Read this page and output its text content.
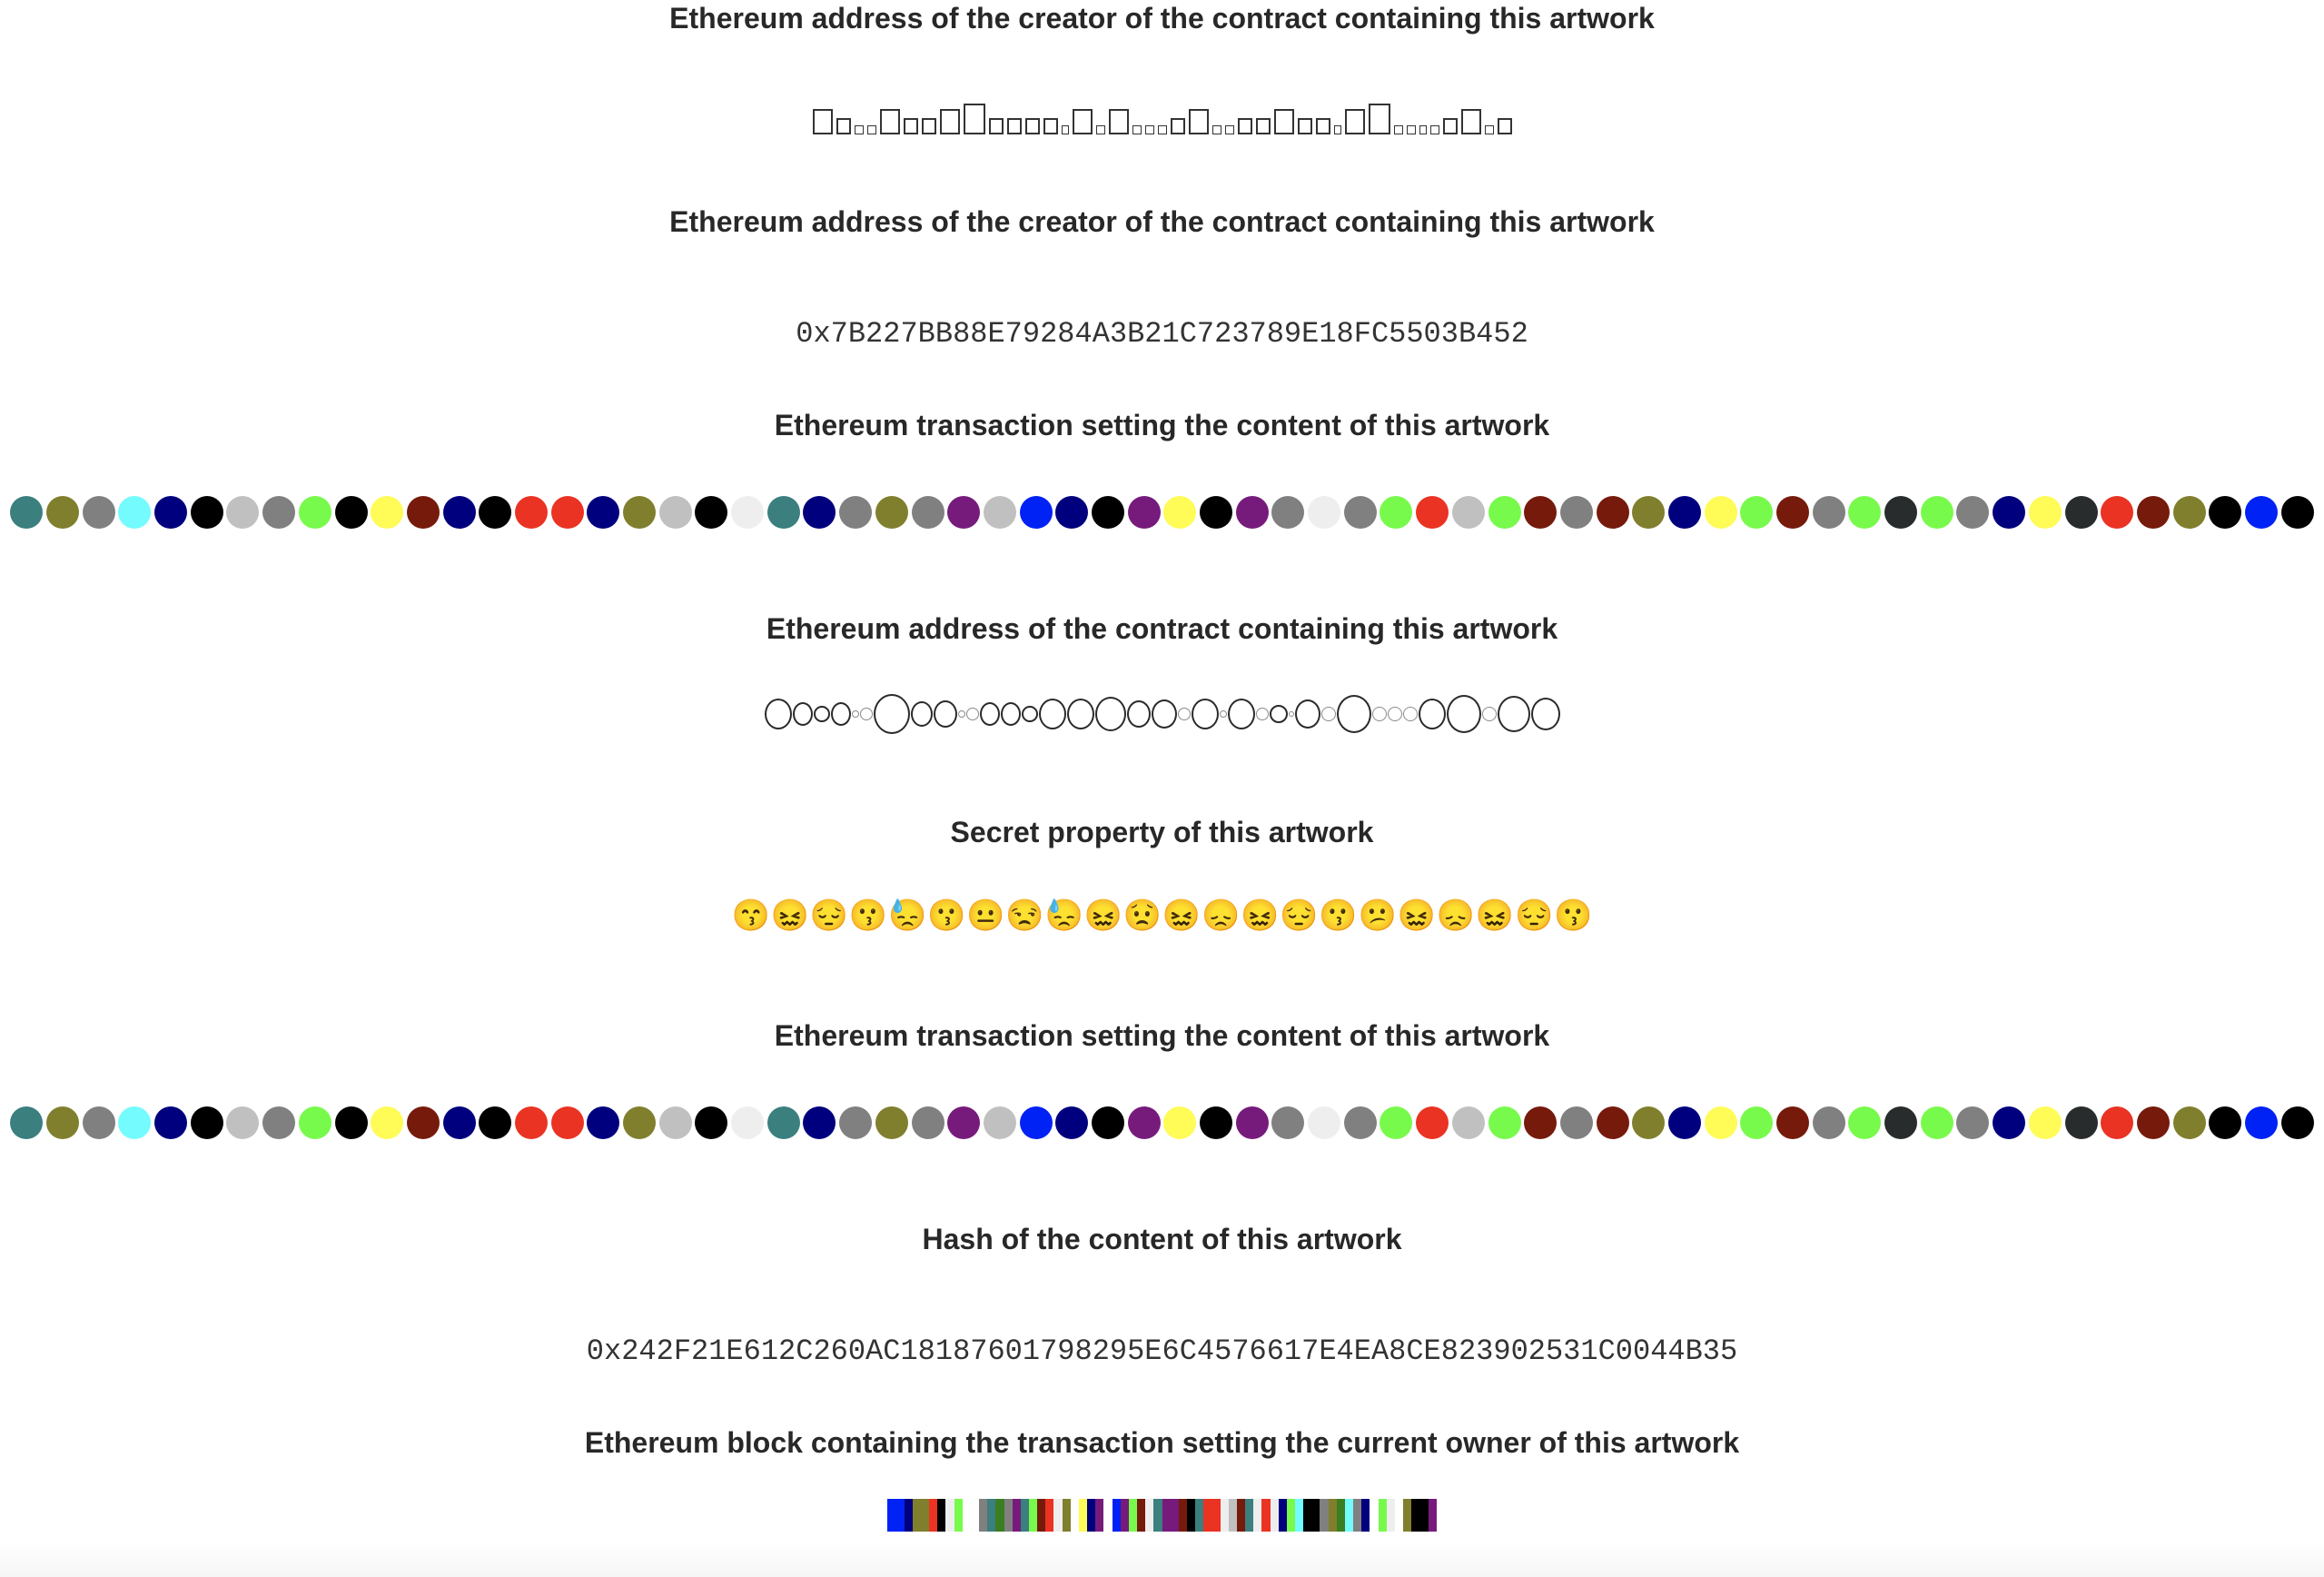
Ethereum address of the creator of the contract containing this artwork
Ethereum address of the creator of the contract containing this artwork
0x7B227BB88E79284A3B21C723789E18FC5503B452
Ethereum transaction setting the content of this artwork
Ethereum address of the contract containing this artwork
Secret property of this artwork
😙 😖 😔 😗 😓 😗 😐 😒 😓 😖 😟 😖 😞 😖 😔 😗 😕 😖 😞 😖 😔 😗
Ethereum transaction setting the content of this artwork
Hash of the content of this artwork
0x242F21E612C260AC18187601798295E6C4576617E4EA8CE823902531C0044B35
Ethereum block containing the transaction setting the current owner of this artwork
